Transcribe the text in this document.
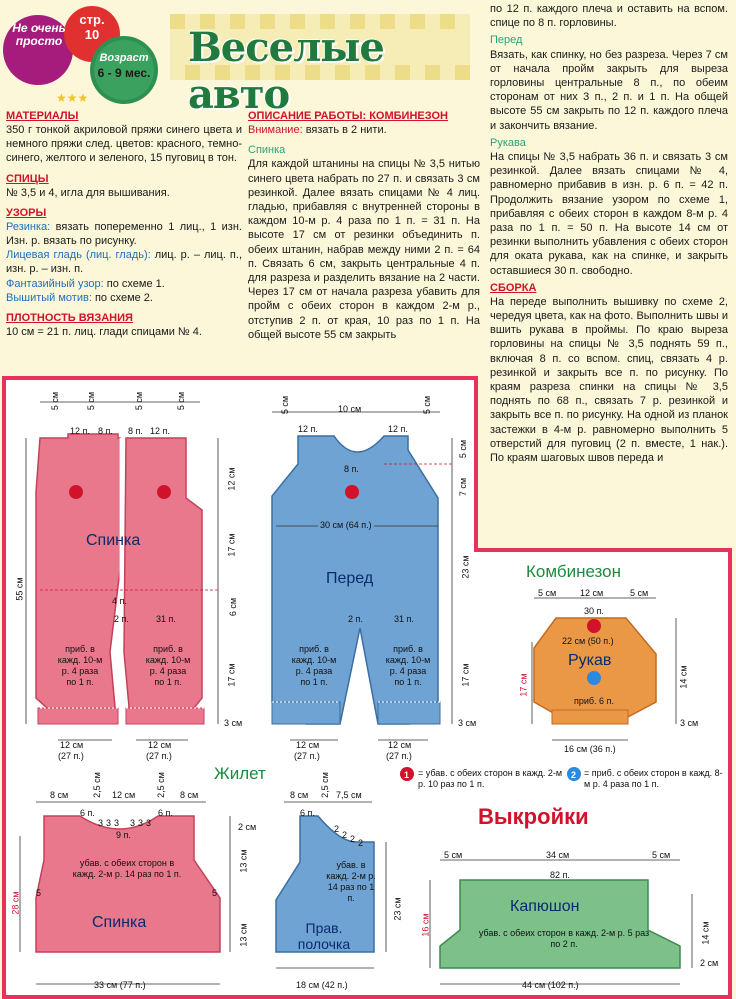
★★★
Не очень просто
стр. 10
Возраст
6 - 9 мес.
Веселые авто
МАТЕРИАЛЫ

350 г тонкой акриловой пряжи синего цвета и немного пряжи след. цветов: красного, темно-синего, желтого и зеленого, 15 пуговиц в тон.

СПИЦЫ

№ 3,5 и 4, игла для вышивания.

УЗОРЫ

Резинка: вязать попеременно 1 лиц., 1 изн. Изн. р. вязать по рисунку.

Лицевая гладь (лиц. гладь): лиц. р. – лиц. п., изн. р. – изн. п.

Фантазийный узор: по схеме 1.

Вышитый мотив: по схеме 2.

ПЛОТНОСТЬ ВЯЗАНИЯ

10 см = 21 п. лиц. глади спицами № 4.

ОПИСАНИЕ РАБОТЫ: КОМБИНЕЗОН

Внимание: вязать в 2 нити.

Спинка

Для каждой штанины на спицы № 3,5 нитью синего цвета набрать по 27 п. и связать 3 см резинкой. Далее вязать спицами № 4 лиц. гладью, прибавляя с внутренней стороны в каждом 10-м р. 4 раза по 1 п. = 31 п. На высоте 17 см от резинки объединить п. обеих штанин, набрав между ними 2 п. = 64 п. Связать 6 см, закрыть центральные 4 п. для разреза и разделить вязание на 2 части. Через 17 см от начала разреза убавить для пройм с обеих сторон в каждом 2-м р., отступив 2 п. от края, 10 раз по 1 п. На общей высоте 55 см закрыть

по 12 п. каждого плеча и оставить на вспом. спице по 8 п. горловины.

Перед

Вязать, как спинку, но без разреза. Через 7 см от начала пройм закрыть для выреза горловины центральные 8 п., по обеим сторонам от них 3 п., 2 п. и 1 п. На общей высоте 55 см закрыть по 12 п. каждого плеча и закончить вязание.

Рукава

На спицы № 3,5 набрать 36 п. и связать 3 см резинкой. Далее вязать спицами № 4, равномерно прибавив в изн. р. 6 п. = 42 п. Продолжить вязание узором по схеме 1, прибавляя с обеих сторон в каждом 8-м р. 4 раза по 1 п. = 50 п. На высоте 14 см от резинки выполнить убавления с обеих сторон для оката рукава, как на спинке, и закрыть оставшиеся 30 п. свободно.

СБОРКА

На переде выполнить вышивку по схеме 2, чередуя цвета, как на фото. Выполнить швы и вшить рукава в проймы. По краю выреза горловины на спицы № 3,5 поднять 59 п., включая 8 п. со вспом. спиц, связать 4 р. резинкой и закрыть все п. по рисунку. По краям разреза спинки на спицы № 3,5 поднять по 68 п., связать 7 р. резинкой и закрыть все п. по рисунку. На одной из планок застежки в 4-м р. равномерно выполнить 5 отверстий для пуговиц (2 п. вместе, 1 нак.). По краям шаговых швов переда и

1	2
Спинка
Перед	Комбинезон
Рукав
Жилет
Спинка	Прав. полочка
Капюшон
Выкройки
= убав. с обеих сторон в кажд. 2-м р. 10 раз по 1 п.
= приб. с обеих сторон в кажд. 8-м р. 4 раза по 1 п.
приб. в кажд. 10-м р. 4 раза по 1 п.
приб. в кажд. 10-м р. 4 раза по 1 п.
приб. в кажд. 10-м р. 4 раза по 1 п.
приб. в кажд. 10-м р. 4 раза по 1 п.
убав. с обеих сторон в кажд. 2-м р. 14 раз по 1 п.
убав. в кажд. 2-м р. 14 раз по 1 п.
убав. с обеих сторон в кажд. 2-м р. 5 раз по 2 п.
приб. 6 п.
5 см	5 см	5 см	5 см
12 п. 8 п. 8 п. 12 п.
12 см
17 см
6 см
17 см
3 см
55 см
31 п.
2 п.
4 п.
12 см
(27 п.)
12 см
(27 п.)
5 см	10 см	5 см
12 п.	12 п.
8 п.
5 см
7 см
23 см
17 см
3 см
30 см (64 п.)
2 п.	31 п.
12 см
(27 п.)
12 см
(27 п.)
5 см	12 см	5 см
30 п.
22 см (50 п.)
17 см	14 см
3 см
16 см (36 п.)
8 см	2,5 см 12 см 2,5 см 8 см
6 п.
3 3 3 3 3 3
6 п.
9 п.
2 см
13 см
13 см
28 см 5	5
33 см (77 п.)
8 см 2,5 см 7,5 см
6 п.
2
2 2 2
23 см
18 см (42 п.)
5 см	34 см	5 см
82 п.
16 см	14 см
2 см
44 см (102 п.)
